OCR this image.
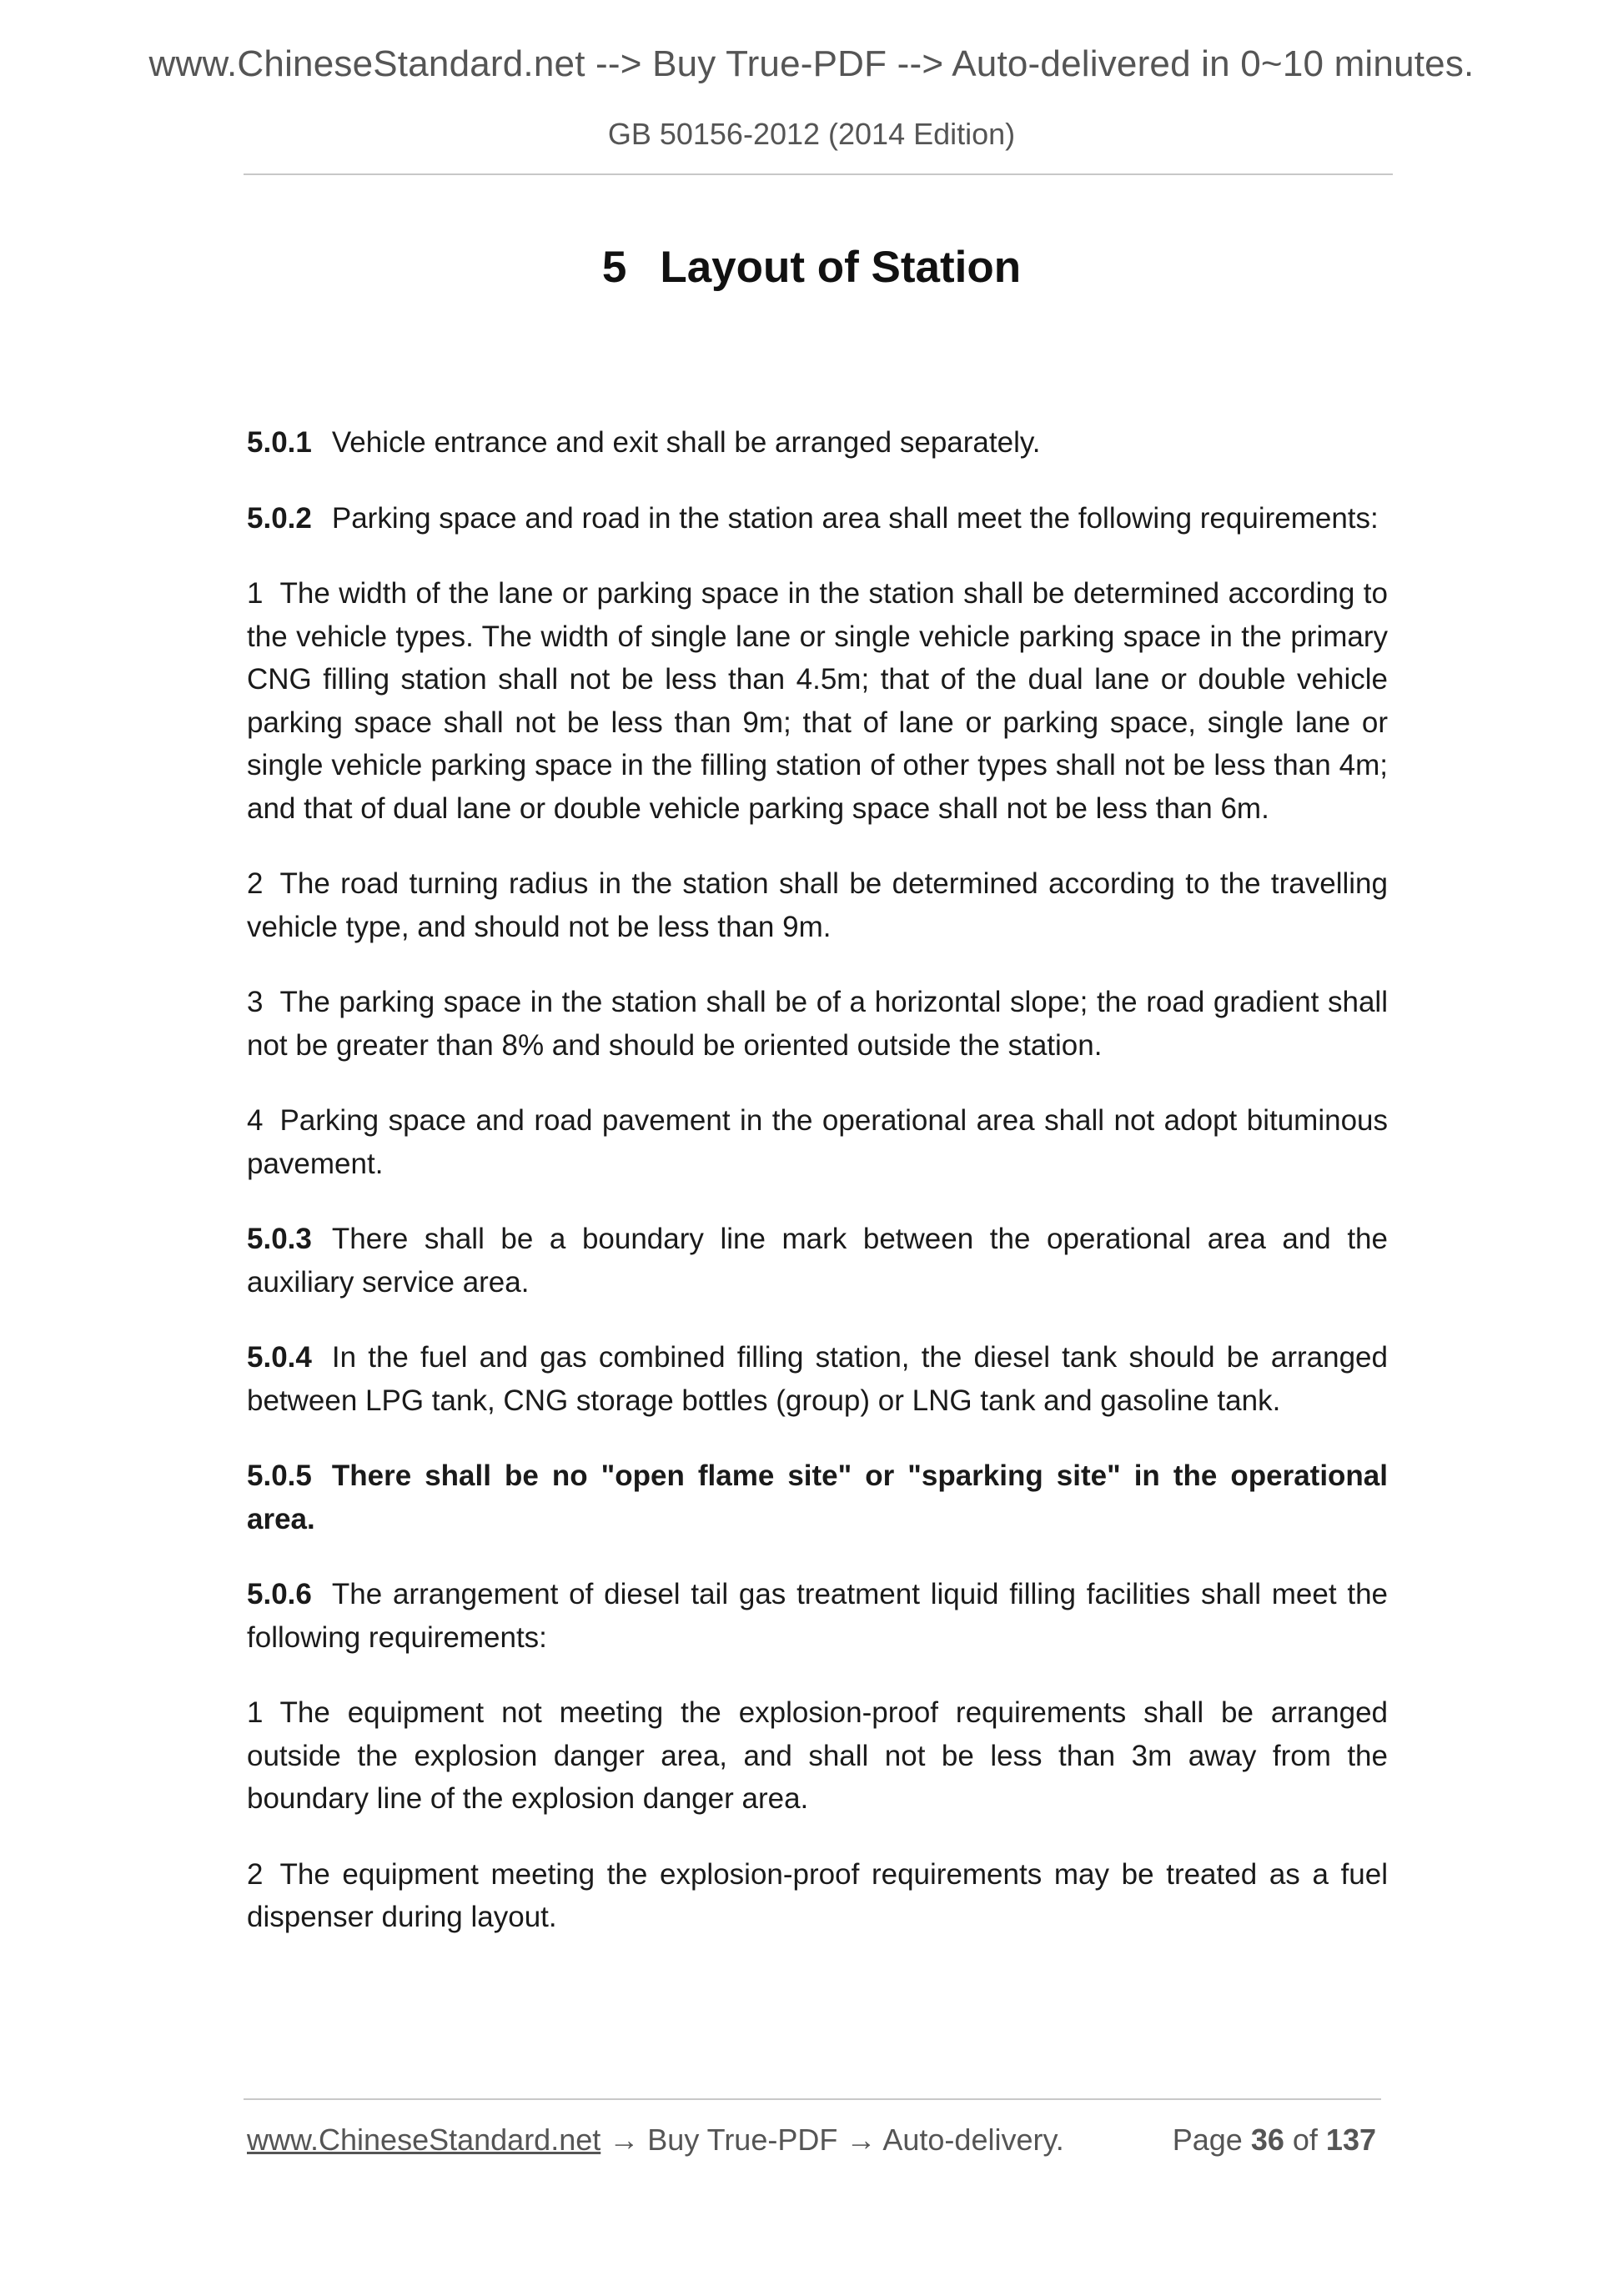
www.ChineseStandard.net --> Buy True-PDF --> Auto-delivered in 0~10 minutes.
GB 50156-2012 (2014 Edition)
5 Layout of Station

5.0.1 Vehicle entrance and exit shall be arranged separately.

5.0.2 Parking space and road in the station area shall meet the following requirements:

1 The width of the lane or parking space in the station shall be determined according to the vehicle types. The width of single lane or single vehicle parking space in the primary CNG filling station shall not be less than 4.5m; that of the dual lane or double vehicle parking space shall not be less than 9m; that of lane or parking space, single lane or single vehicle parking space in the filling station of other types shall not be less than 4m; and that of dual lane or double vehicle parking space shall not be less than 6m.

2 The road turning radius in the station shall be determined according to the travelling vehicle type, and should not be less than 9m.

3 The parking space in the station shall be of a horizontal slope; the road gradient shall not be greater than 8% and should be oriented outside the station.

4 Parking space and road pavement in the operational area shall not adopt bituminous pavement.

5.0.3 There shall be a boundary line mark between the operational area and the auxiliary service area.

5.0.4 In the fuel and gas combined filling station, the diesel tank should be arranged between LPG tank, CNG storage bottles (group) or LNG tank and gasoline tank.

5.0.5 There shall be no "open flame site" or "sparking site" in the operational area.

5.0.6 The arrangement of diesel tail gas treatment liquid filling facilities shall meet the following requirements:

1 The equipment not meeting the explosion-proof requirements shall be arranged outside the explosion danger area, and shall not be less than 3m away from the boundary line of the explosion danger area.

2 The equipment meeting the explosion-proof requirements may be treated as a fuel dispenser during layout.

www.ChineseStandard.net → Buy True-PDF → Auto-delivery.	Page 36 of 137
